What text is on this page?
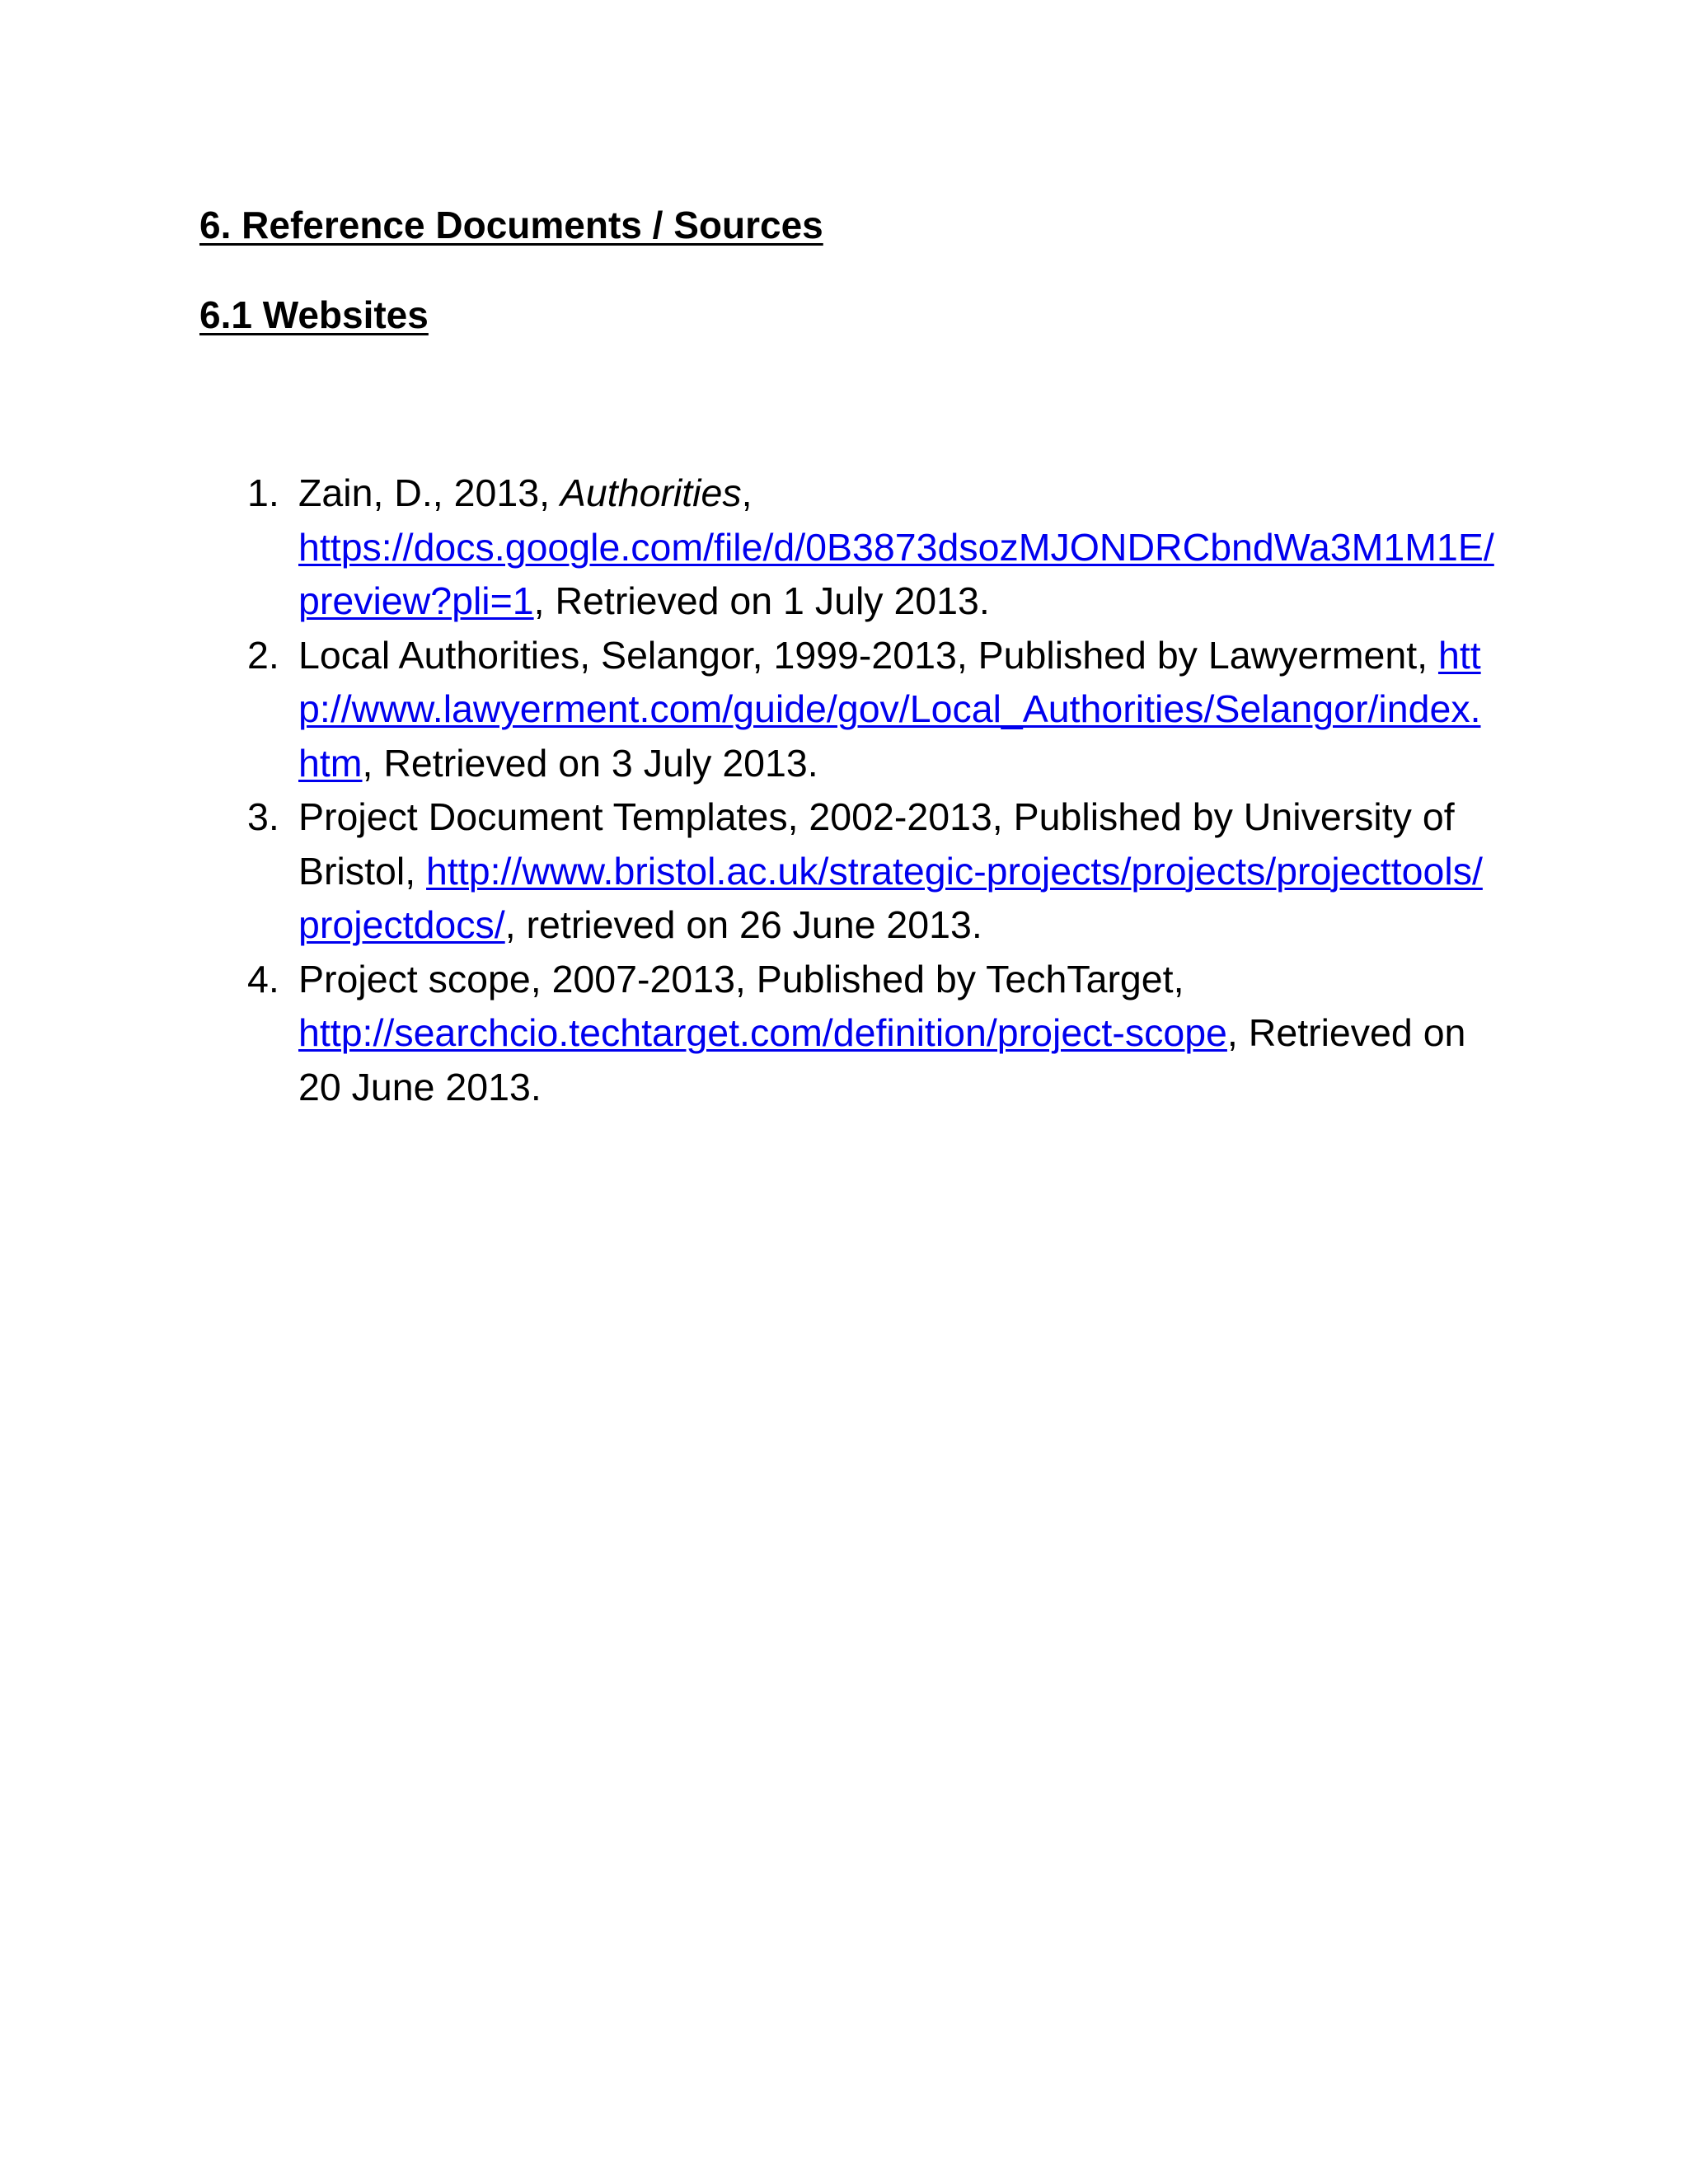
6. Reference Documents / Sources
6.1 Websites
1. Zain, D., 2013, Authorities,
https://docs.google.com/file/d/0B3873dsozMJONDRCbndWa3M1M1E/preview?pli=1, Retrieved on 1 July 2013.
2. Local Authorities, Selangor, 1999-2013, Published by Lawyerment, http://www.lawyerment.com/guide/gov/Local_Authorities/Selangor/index.htm, Retrieved on 3 July 2013.
3. Project Document Templates, 2002-2013, Published by University of Bristol, http://www.bristol.ac.uk/strategic-projects/projects/projecttools/projectdocs/, retrieved on 26 June 2013.
4. Project scope, 2007-2013, Published by TechTarget,
http://searchcio.techtarget.com/definition/project-scope, Retrieved on 20 June 2013.
